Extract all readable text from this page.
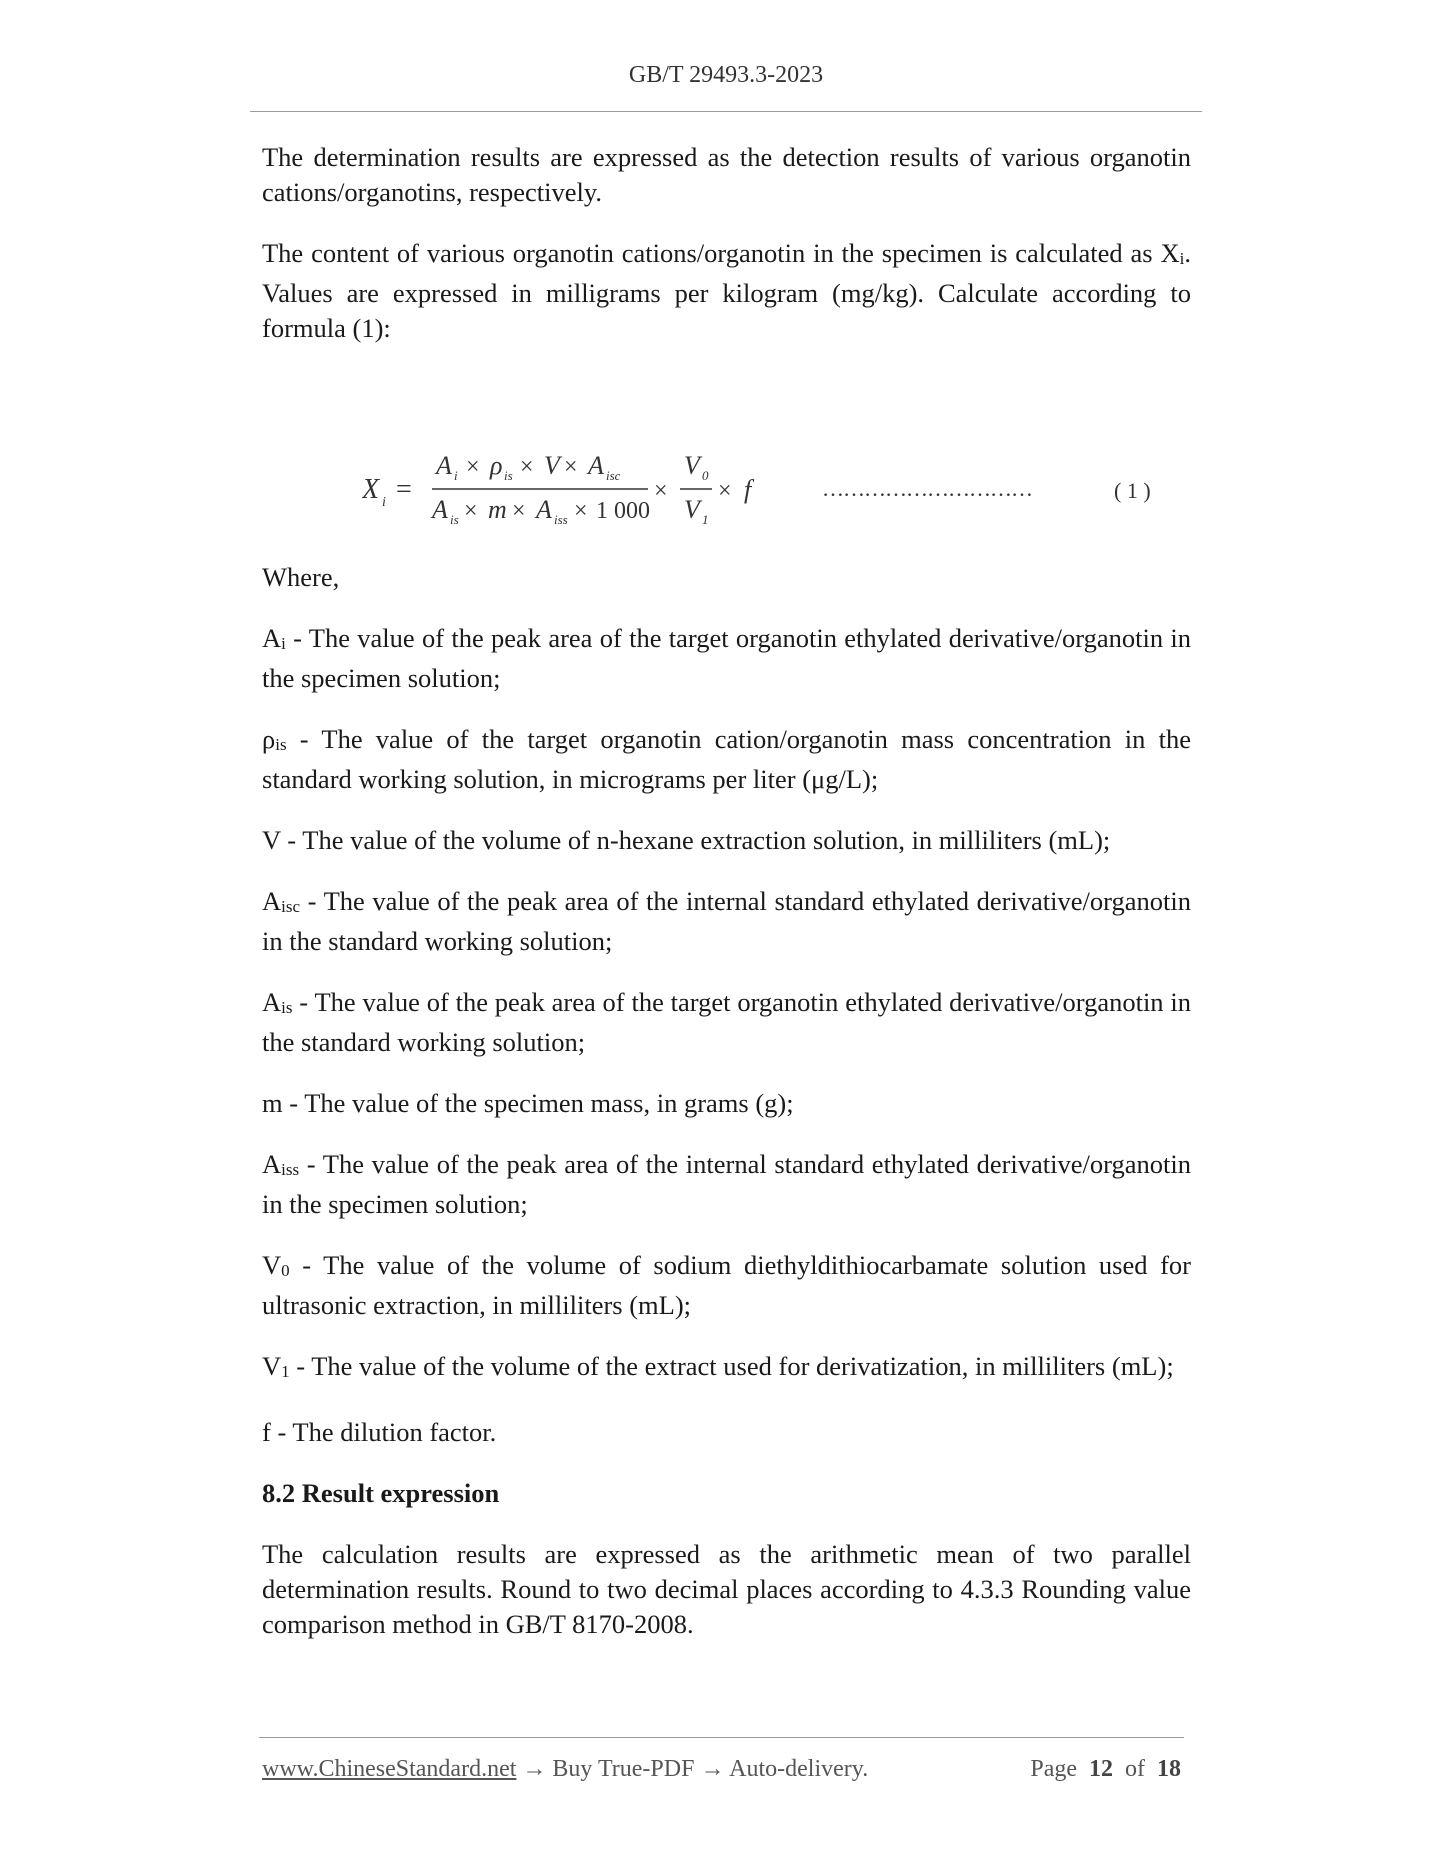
GB/T 29493.3-2023

The determination results are expressed as the detection results of various organotin cations/organotins, respectively.

The content of various organotin cations/organotin in the specimen is calculated as $X_i$. Values are expressed in milligrams per kilogram (mg/kg). Calculate according to formula (1):

X i =
A i × ρ is × V × A isc
A is × m × A iss × 1 000
×
V 0
V 1
× f	…………………………	( 1 )

Where,

$A_i$ - The value of the peak area of the target organotin ethylated derivative/organotin in the specimen solution;

$\rho_{is}$ - The value of the target organotin cation/organotin mass concentration in the standard working solution, in micrograms per liter (μg/L);

V - The value of the volume of n-hexane extraction solution, in milliliters (mL);

$A_{isc}$ - The value of the peak area of the internal standard ethylated derivative/organotin in the standard working solution;

$A_{is}$ - The value of the peak area of the target organotin ethylated derivative/organotin in the standard working solution;

m - The value of the specimen mass, in grams (g);

$A_{iss}$ - The value of the peak area of the internal standard ethylated derivative/organotin in the specimen solution;

$V_0$ - The value of the volume of sodium diethyldithiocarbamate solution used for ultrasonic extraction, in milliliters (mL);

$V_1$ - The value of the volume of the extract used for derivatization, in milliliters (mL);

f - The dilution factor.

8.2 Result expression

The calculation results are expressed as the arithmetic mean of two parallel determination results. Round to two decimal places according to 4.3.3 Rounding value comparison method in GB/T 8170-2008.

www.ChineseStandard.net → Buy True-PDF → Auto-delivery.	Page 12 of 18
